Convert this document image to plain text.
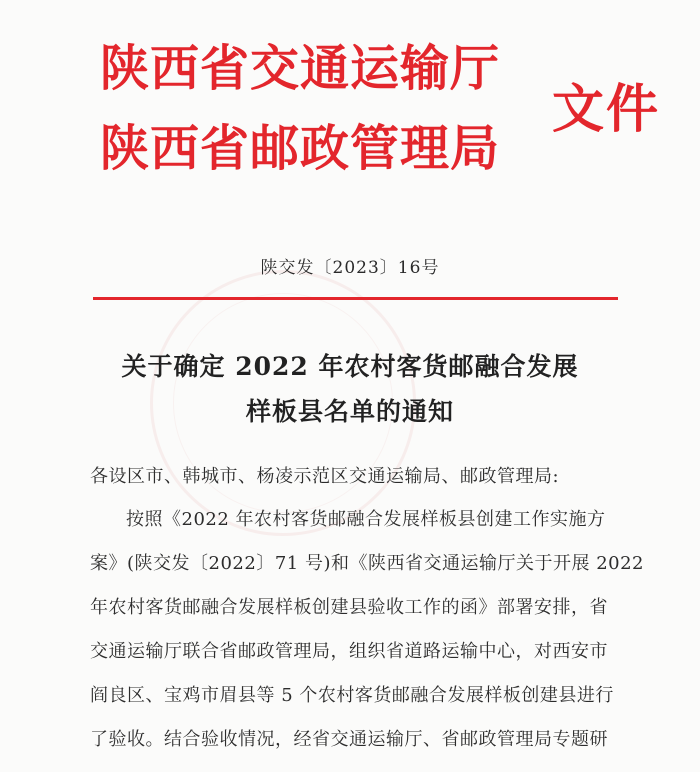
陕西省交通运输厅
陕西省邮政管理局
文件
陕交发〔2023〕16号
关于确定 2022 年农村客货邮融合发展
样板县名单的通知
各设区市、韩城市、杨凌示范区交通运输局、邮政管理局:
按照《2022 年农村客货邮融合发展样板县创建工作实施方
案》(陕交发〔2022〕71 号)和《陕西省交通运输厅关于开展 2022
年农村客货邮融合发展样板创建县验收工作的函》部署安排，省
交通运输厅联合省邮政管理局，组织省道路运输中心，对西安市
阎良区、宝鸡市眉县等 5 个农村客货邮融合发展样板创建县进行
了验收。结合验收情况，经省交通运输厅、省邮政管理局专题研
